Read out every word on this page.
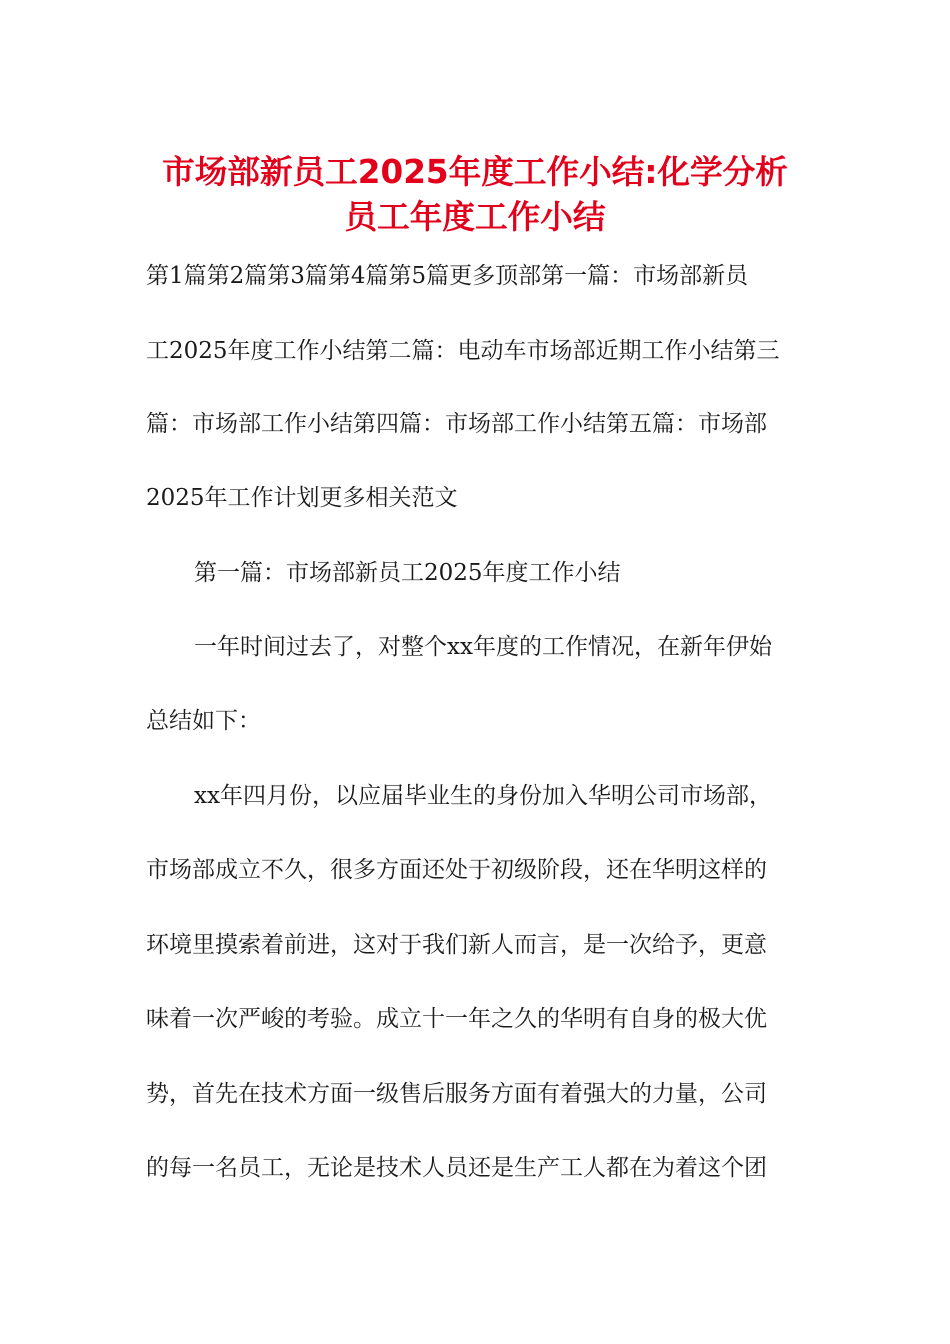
市场部新员工2025年度工作小结:化学分析
员工年度工作小结
第1篇第2篇第3篇第4篇第5篇更多顶部第一篇：市场部新员
工2025年度工作小结第二篇：电动车市场部近期工作小结第三
篇：市场部工作小结第四篇：市场部工作小结第五篇：市场部
2025年工作计划更多相关范文
第一篇：市场部新员工2025年度工作小结
一年时间过去了，对整个xx年度的工作情况，在新年伊始
总结如下：
xx年四月份，以应届毕业生的身份加入华明公司市场部，
市场部成立不久，很多方面还处于初级阶段，还在华明这样的
环境里摸索着前进，这对于我们新人而言，是一次给予，更意
味着一次严峻的考验。成立十一年之久的华明有自身的极大优
势，首先在技术方面一级售后服务方面有着强大的力量，公司
的每一名员工，无论是技术人员还是生产工人都在为着这个团
